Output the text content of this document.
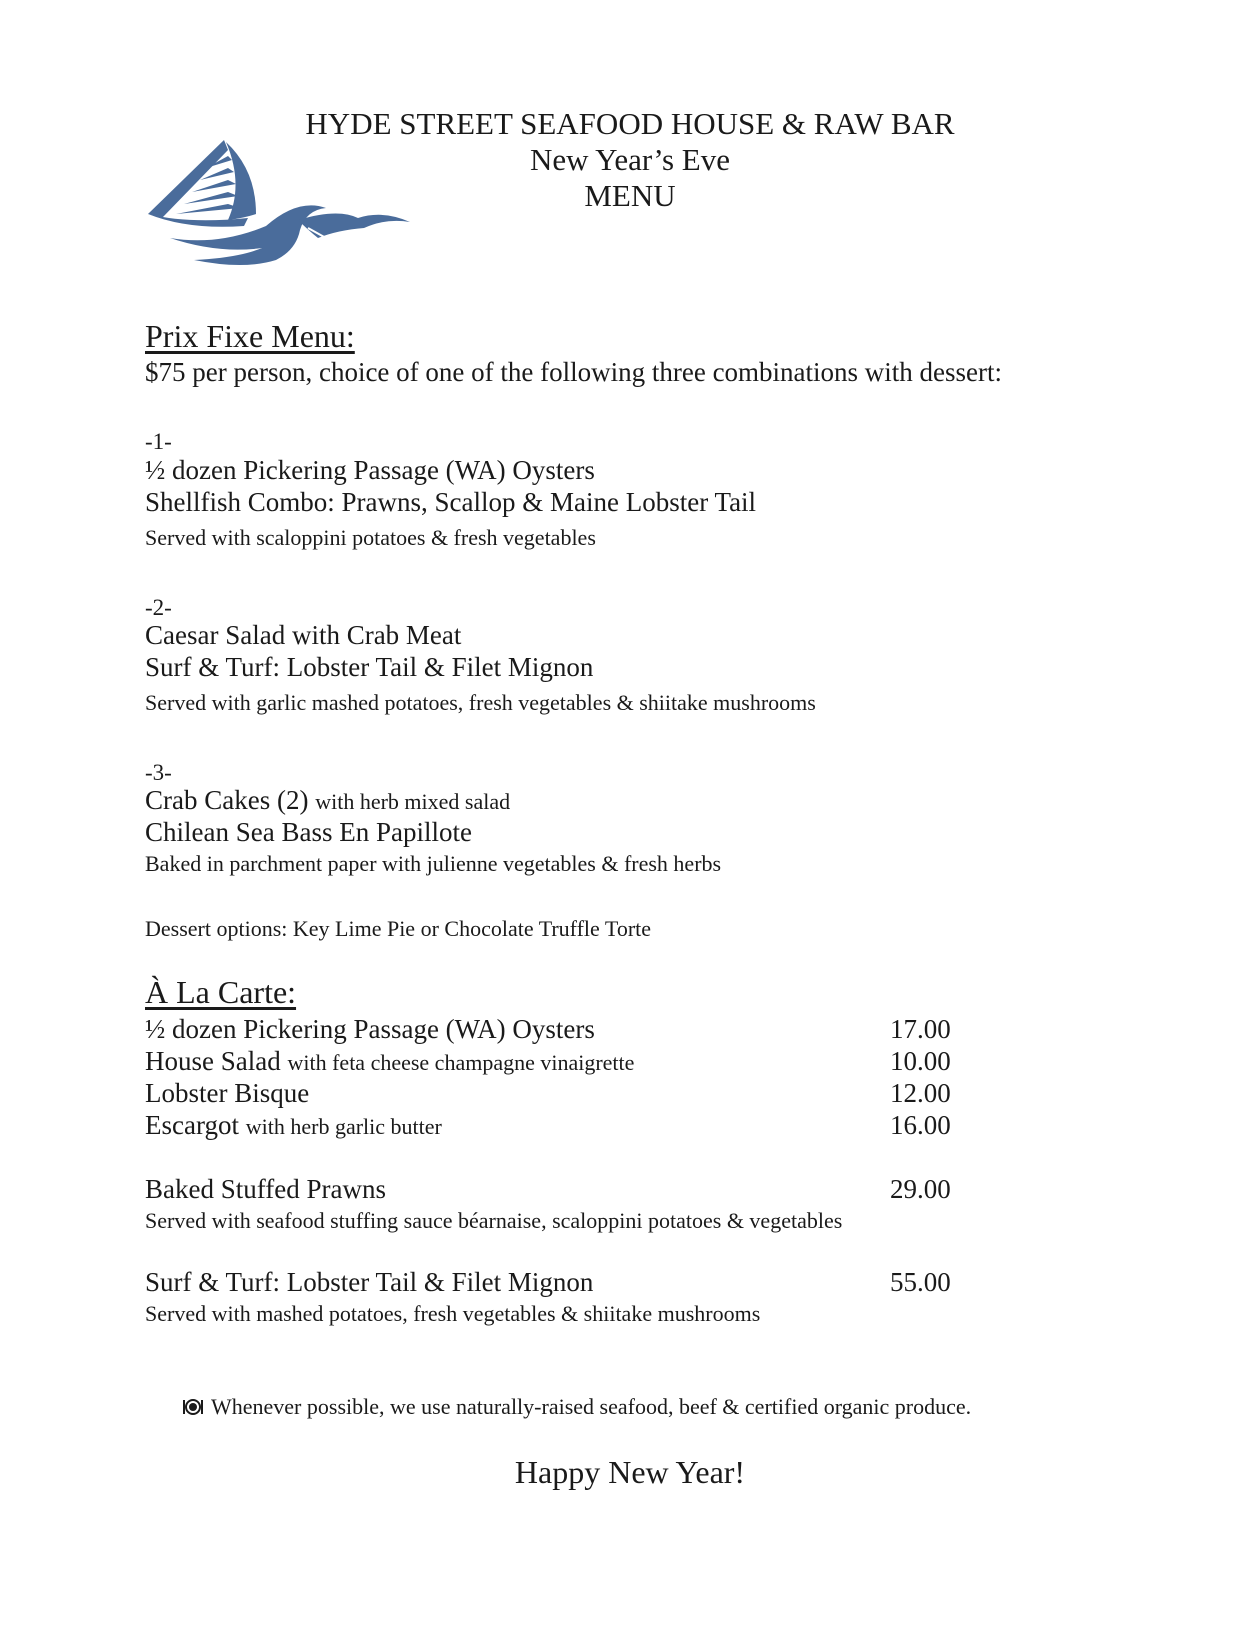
HYDE STREET SEAFOOD HOUSE & RAW BAR
New Year’s Eve
MENU
Prix Fixe Menu:
$75 per person, choice of one of the following three combinations with dessert:
-1-
½ dozen Pickering Passage (WA) Oysters
Shellfish Combo: Prawns, Scallop & Maine Lobster Tail
Served with scaloppini potatoes & fresh vegetables
-2-
Caesar Salad with Crab Meat
Surf & Turf: Lobster Tail & Filet Mignon
Served with garlic mashed potatoes, fresh vegetables & shiitake mushrooms
-3-
Crab Cakes (2) with herb mixed salad
Chilean Sea Bass En Papillote
Baked in parchment paper with julienne vegetables & fresh herbs
Dessert options: Key Lime Pie or Chocolate Truffle Torte
À La Carte:
½ dozen Pickering Passage (WA) Oysters	17.00
House Salad with feta cheese champagne vinaigrette	10.00
Lobster Bisque	12.00
Escargot with herb garlic butter	16.00
Baked Stuffed Prawns	29.00
Served with seafood stuffing sauce béarnaise, scaloppini potatoes & vegetables
Surf & Turf: Lobster Tail & Filet Mignon	55.00
Served with mashed potatoes, fresh vegetables & shiitake mushrooms
Whenever possible, we use naturally-raised seafood, beef & certified organic produce.
Happy New Year!
